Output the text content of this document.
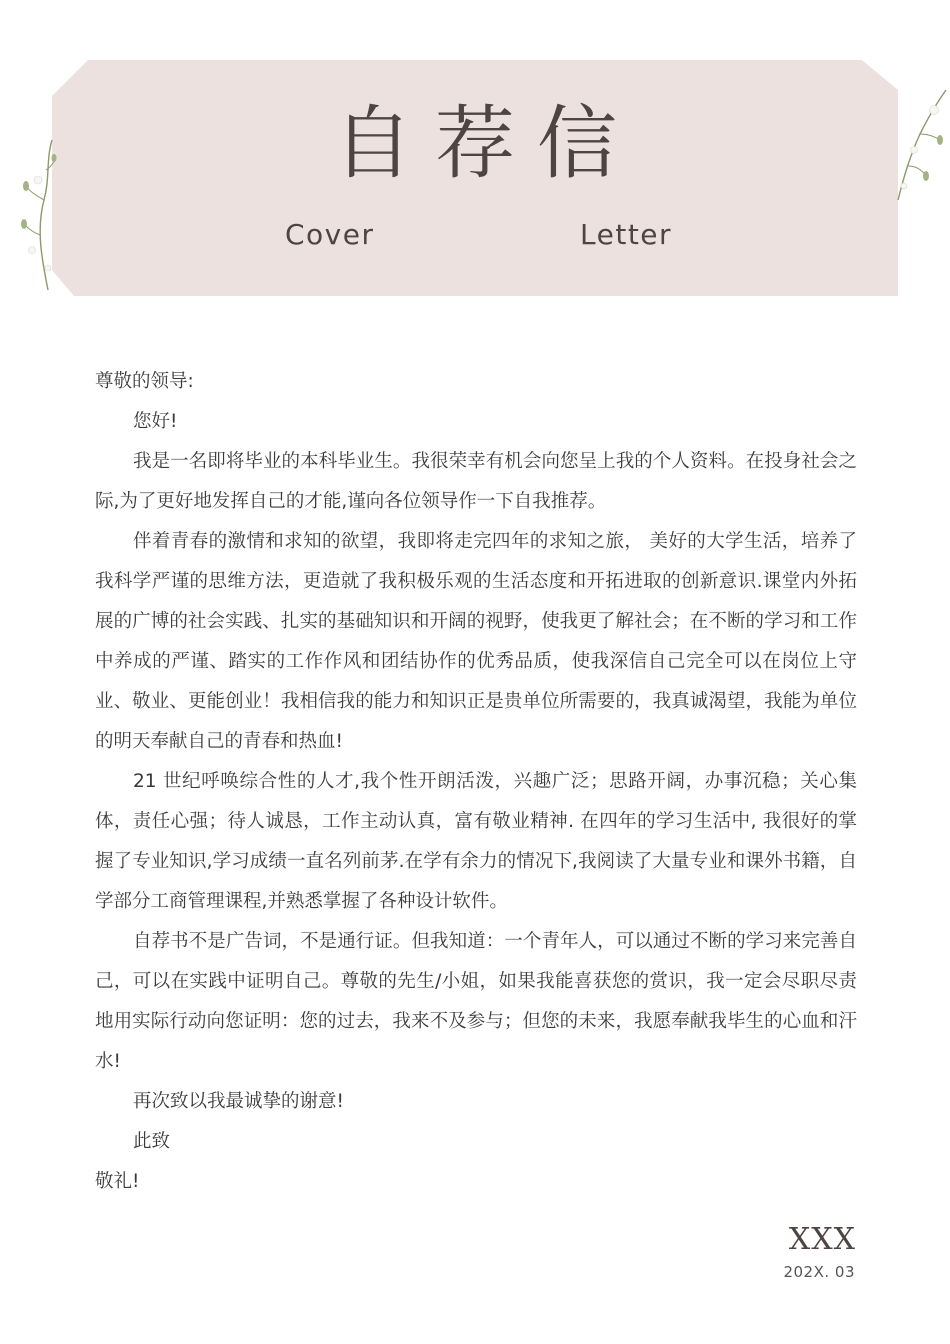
自荐信
Cover	Letter

尊敬的领导:

您好!

我是一名即将毕业的本科毕业生。我很荣幸有机会向您呈上我的个人资料。在投身社会之际,为了更好地发挥自己的才能,谨向各位领导作一下自我推荐。

伴着青春的激情和求知的欲望，我即将走完四年的求知之旅， 美好的大学生活，培养了我科学严谨的思维方法，更造就了我积极乐观的生活态度和开拓进取的创新意识.课堂内外拓展的广博的社会实践、扎实的基础知识和开阔的视野，使我更了解社会；在不断的学习和工作中养成的严谨、踏实的工作作风和团结协作的优秀品质，使我深信自己完全可以在岗位上守业、敬业、更能创业！我相信我的能力和知识正是贵单位所需要的，我真诚渴望，我能为单位的明天奉献自己的青春和热血!

21 世纪呼唤综合性的人才,我个性开朗活泼，兴趣广泛；思路开阔，办事沉稳；关心集体，责任心强；待人诚恳，工作主动认真，富有敬业精神. 在四年的学习生活中, 我很好的掌握了专业知识,学习成绩一直名列前茅.在学有余力的情况下,我阅读了大量专业和课外书籍，自学部分工商管理课程,并熟悉掌握了各种设计软件。

自荐书不是广告词，不是通行证。但我知道：一个青年人，可以通过不断的学习来完善自己，可以在实践中证明自己。尊敬的先生/小姐，如果我能喜获您的赏识，我一定会尽职尽责地用实际行动向您证明：您的过去，我来不及参与；但您的未来，我愿奉献我毕生的心血和汗水!

再次致以我最诚挚的谢意!

此致

敬礼!

XXX
202X. 03
